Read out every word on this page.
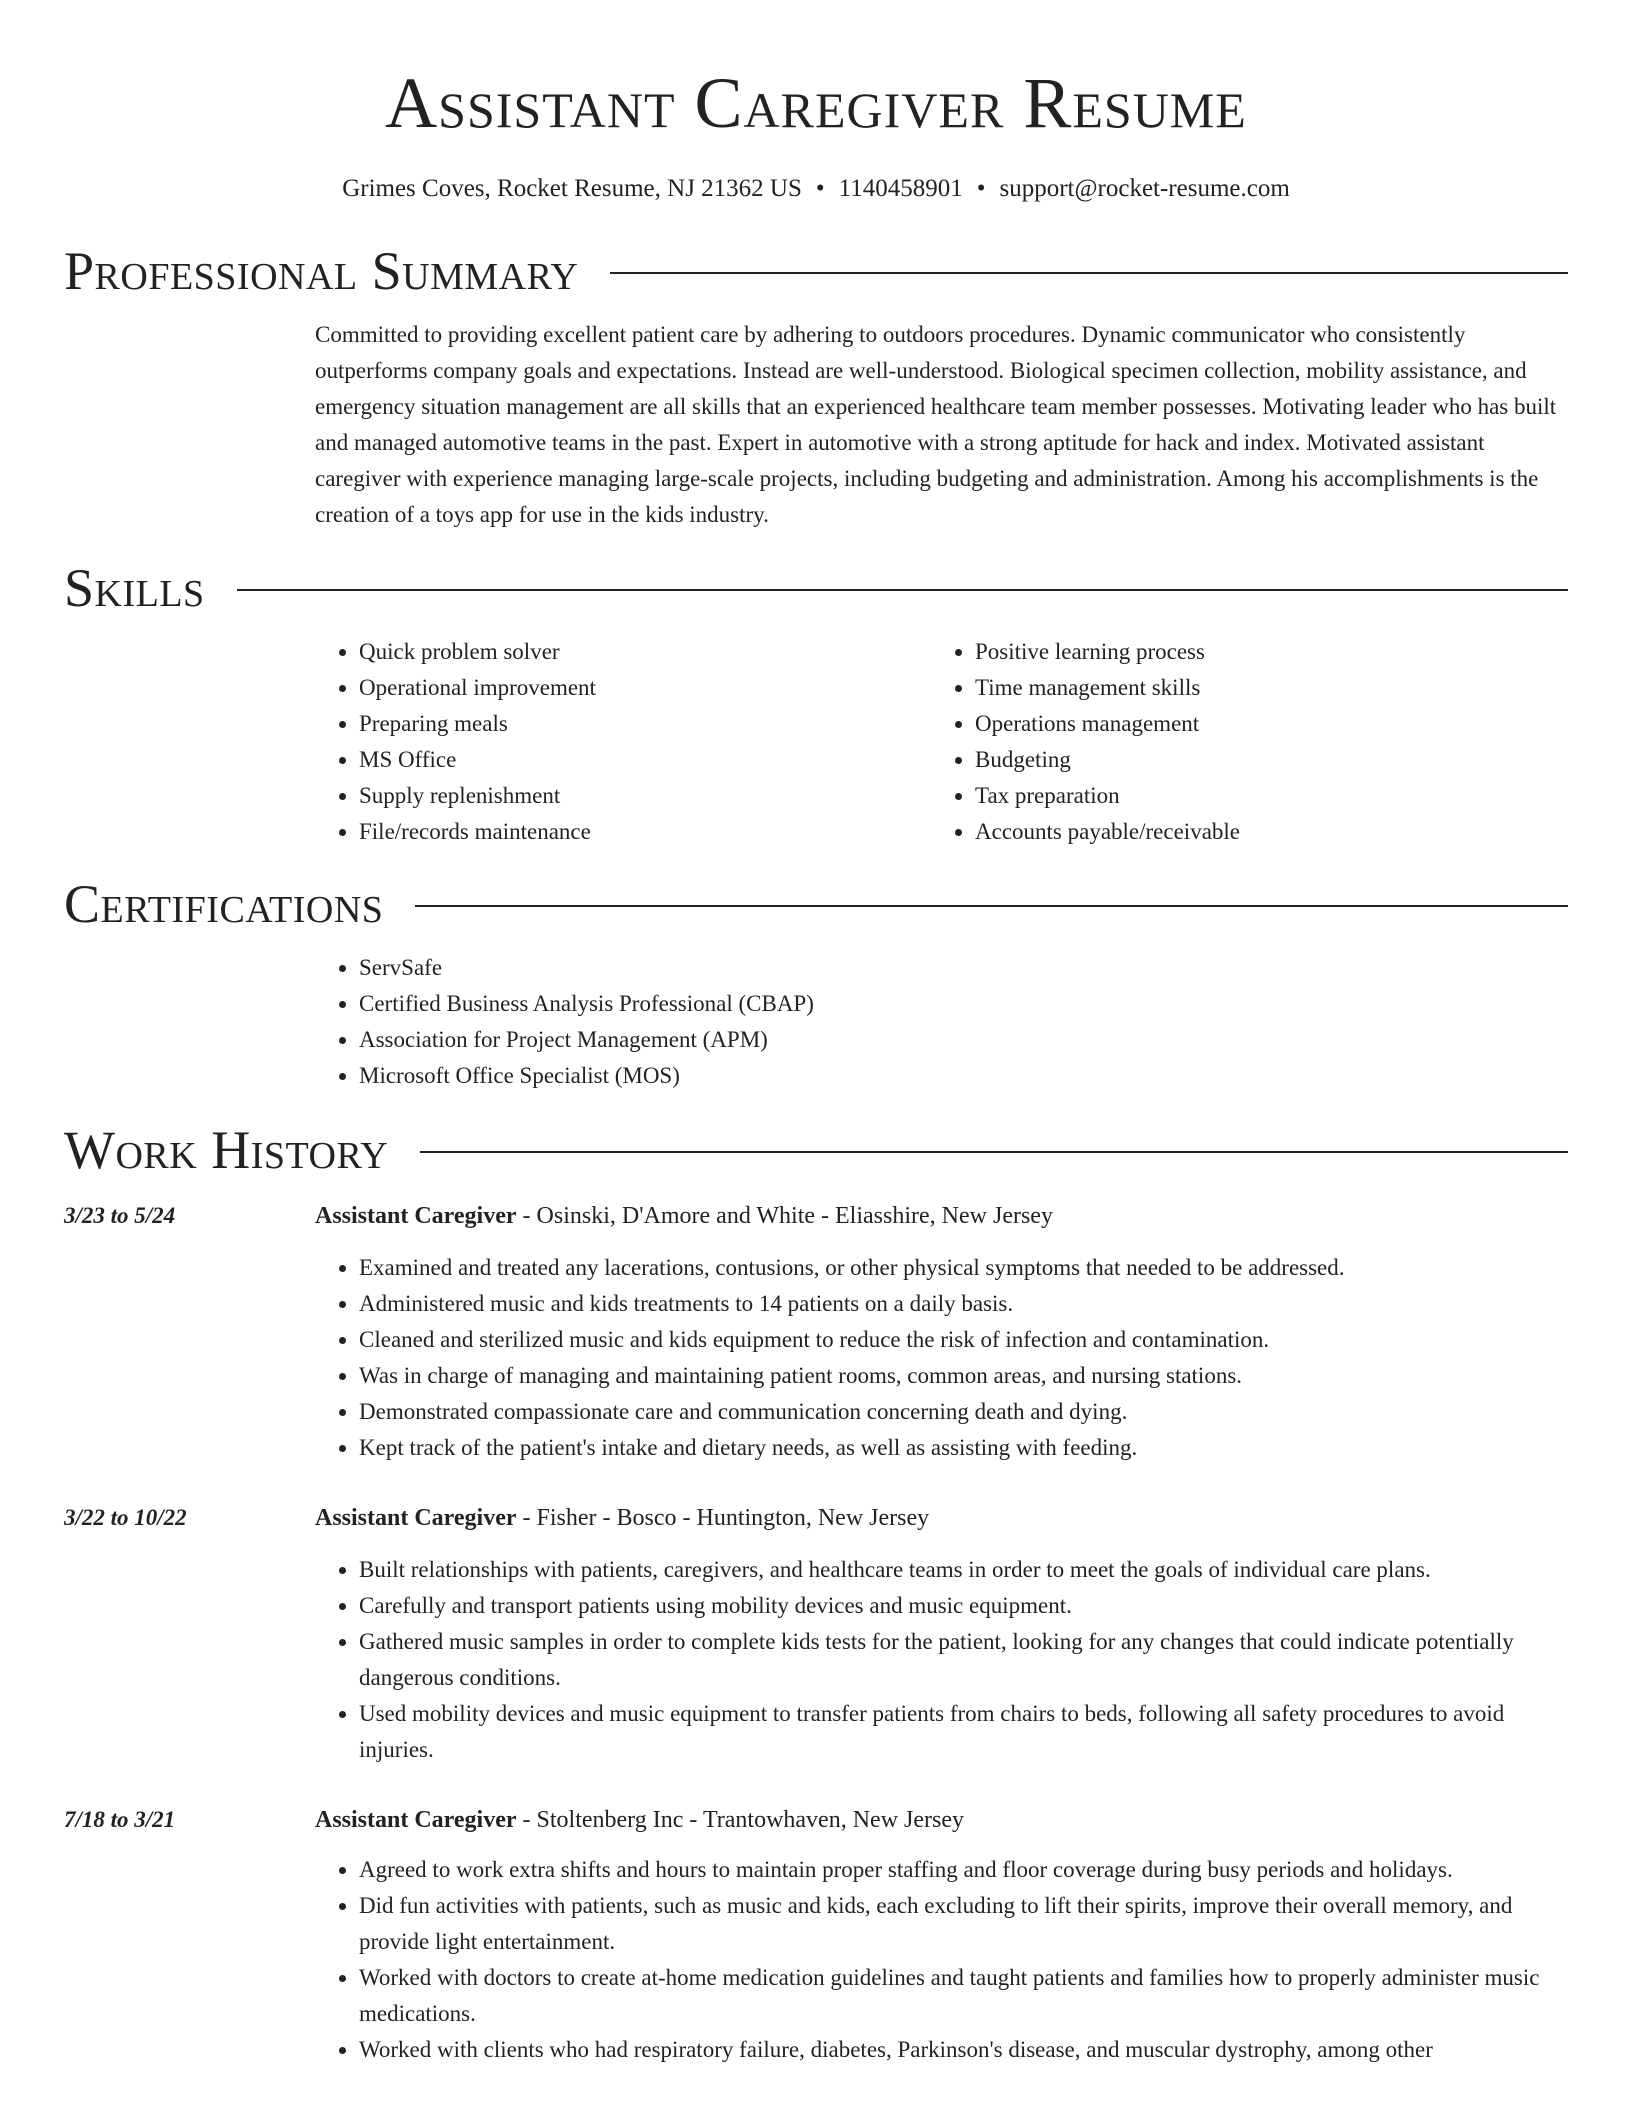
Assistant Caregiver Resume
Grimes Coves, Rocket Resume, NJ 21362 US • 1140458901 • support@rocket-resume.com
Professional Summary

Committed to providing excellent patient care by adhering to outdoors procedures. Dynamic communicator who consistently outperforms company goals and expectations. Instead are well-understood. Biological specimen collection, mobility assistance, and emergency situation management are all skills that an experienced healthcare team member possesses. Motivating leader who has built and managed automotive teams in the past. Expert in automotive with a strong aptitude for hack and index. Motivated assistant caregiver with experience managing large-scale projects, including budgeting and administration. Among his accomplishments is the creation of a toys app for use in the kids industry.

Skills
• Quick problem solver
• Operational improvement
• Preparing meals
• MS Office
• Supply replenishment
• File/records maintenance
• Positive learning process
• Time management skills
• Operations management
• Budgeting
• Tax preparation
• Accounts payable/receivable
Certifications
• ServSafe
• Certified Business Analysis Professional (CBAP)
• Association for Project Management (APM)
• Microsoft Office Specialist (MOS)
Work History
3/23 to 5/24	Assistant Caregiver - Osinski, D'Amore and White - Eliasshire, New Jersey
• Examined and treated any lacerations, contusions, or other physical symptoms that needed to be addressed.
• Administered music and kids treatments to 14 patients on a daily basis.
• Cleaned and sterilized music and kids equipment to reduce the risk of infection and contamination.
• Was in charge of managing and maintaining patient rooms, common areas, and nursing stations.
• Demonstrated compassionate care and communication concerning death and dying.
• Kept track of the patient's intake and dietary needs, as well as assisting with feeding.
3/22 to 10/22	Assistant Caregiver - Fisher - Bosco - Huntington, New Jersey
• Built relationships with patients, caregivers, and healthcare teams in order to meet the goals of individual care plans.
• Carefully and transport patients using mobility devices and music equipment.
• Gathered music samples in order to complete kids tests for the patient, looking for any changes that could indicate potentially dangerous conditions.
• Used mobility devices and music equipment to transfer patients from chairs to beds, following all safety procedures to avoid injuries.
7/18 to 3/21	Assistant Caregiver - Stoltenberg Inc - Trantowhaven, New Jersey
• Agreed to work extra shifts and hours to maintain proper staffing and floor coverage during busy periods and holidays.
• Did fun activities with patients, such as music and kids, each excluding to lift their spirits, improve their overall memory, and provide light entertainment.
• Worked with doctors to create at-home medication guidelines and taught patients and families how to properly administer music medications.
• Worked with clients who had respiratory failure, diabetes, Parkinson's disease, and muscular dystrophy, among other
